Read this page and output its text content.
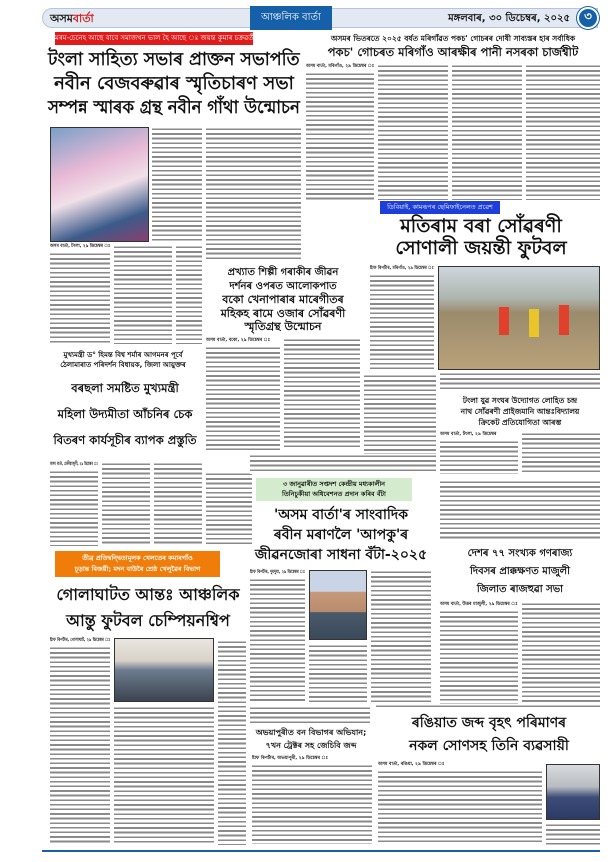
অসমবাৰ্তা	আঞ্চলিক বাৰ্তা	মঙ্গলবাৰ, ৩০ ডিচেম্বৰ, ২০২৫	৩
মৰম-চেনেহ আছে বাবে সমাজখন ভাল হৈ আছে ঃ জয়ন্ত কুমাৰ চক্ৰৱৰ্তী
টংলা সাহিত্য সভাৰ প্ৰাক্তন সভাপতি
নবীন বেজবৰুৱাৰ স্মৃতিচাৰণ সভা
সম্পন্ন স্মাৰক গ্ৰন্থ নবীন গাঁথা উন্মোচন
অসম বাৰ্তা, টংলা, ২৯ ডিচেম্বৰ ঃ
অসমৰ ভিতৰতে ২০২৫ বৰ্ষত মৰিগাঁৱত পকচ' গোচৰৰ দোষী সাব্যস্তৰ হাৰ সৰ্বাধিক
পকচ' গোচৰত মৰিগাঁও আৰক্ষীৰ পানী নসৰকা চাৰ্জশ্বীট
অসম বাৰ্তা, মৰিগাঁও, ২৯ ডিচেম্বৰ ঃ
ডিবিয়াই, কামৰূপৰ ছেমিফাইনেলত প্ৰৱেশ
মতিৰাম বৰা সোঁৱৰণী
সোণালী জয়ন্তী ফুটবল
ষ্টাফ ৰিপৰ্টাৰ, মৰিগাঁও, ২৯ ডিচেম্বৰ ঃ
প্ৰখ্যাত শিল্পী গৰাকীৰ জীৱন
দৰ্শনৰ ওপৰত আলোকপাত
বকো খেনাপাৰাৰ মাৰেগীতৰ
মহিকহ ৰামে ওজাৰ সোঁৱৰণী
স্মৃতিগ্ৰন্থ উন্মোচন
অসম বাৰ্তা, বকো, ২৯ ডিচেম্বৰ ঃ
মুখ্যমন্ত্ৰী ড° হিমন্ত বিশ্ব শৰ্মাৰ আগমনৰ পূৰ্বে
ঠেলামাৰাত পৰিদৰ্শন বিধায়ক, জিলা আয়ুক্তৰ
বৰছলা সমষ্টিত মুখ্যমন্ত্ৰী
মহিলা উদ্যমীতা আঁচনিৰ চেক
বিতৰণ কাৰ্যসূচীৰ ব্যাপক প্ৰস্তুতি
অসম বাৰ্তা, ঢেকীয়াজুলী, ২৯ ডিচেম্বৰ ঃ
টংলা যুৱ সংঘৰ উদ্যোগত লোহিত চন্দ্ৰ
নাথ সোঁৱৰণী প্ৰাইজমানি আন্তঃবিদ্যালয়
ক্ৰিকেট প্ৰতিযোগিতা আৰম্ভ
অসম বাৰ্তা, টংলা, ২৯ ডিচেম্বৰ
৩ জানুৱাৰীত সপ্তদশ কেন্দ্ৰীয় মধ্যকালীন
তিনিচুকীয়া অধিবেশনত প্ৰদান কৰিব বঁটা
'অসম বাৰ্তা'ৰ সাংবাদিক
ৰবীন মৰাণলৈ 'আপকু'ৰ
জীৱনজোৰা সাধনা বঁটা-২০২৫
ষ্টাফ ৰিপৰ্টাৰ, দুমদুমা, ২৯ ডিচেম্বৰ ঃ
দেশৰ ৭৭ সংখ্যক গণৰাজ্য
দিবসৰ প্ৰাক্কক্ষণত মাজুলী
জিলাত ৰাজহুৱা সভা
অসম বাৰ্তা, উত্তৰ মাজুলী, ২৯ ডিচেম্বৰ ঃ
তীব্ৰ প্ৰতিদ্বন্দ্বিতামূলক খেলতেৰ কমাৰগাঁও
চূড়ান্ত বিজয়ী; মদন বাউৰৈ শ্ৰেষ্ঠ খেলুৱৈৰ বিভাগ
গোলাঘাটত আন্তঃ আঞ্চলিক
আন্তু ফুটবল চেম্পিয়নশ্বিপ
ষ্টাফ ৰিপৰ্টাৰ, গোলাঘাট, ২৯ ডিচেম্বৰ ঃ
অভয়াপুৰীত বন বিভাগৰ অভিযান;
৭খন ট্ৰেক্টৰ সহ জেচিবি জব্দ
ষ্টাফ ৰিপৰ্টাৰ, অভয়াপুৰী, ২৯ ডিচেম্বৰ ঃ
ৰঙিয়াত জব্দ বৃহৎ পৰিমাণৰ
নকল সোণসহ তিনি ব্যৱসায়ী
অসম বাৰ্তা, ৰঙিয়া, ২৯ ডিচেম্বৰ ঃ
